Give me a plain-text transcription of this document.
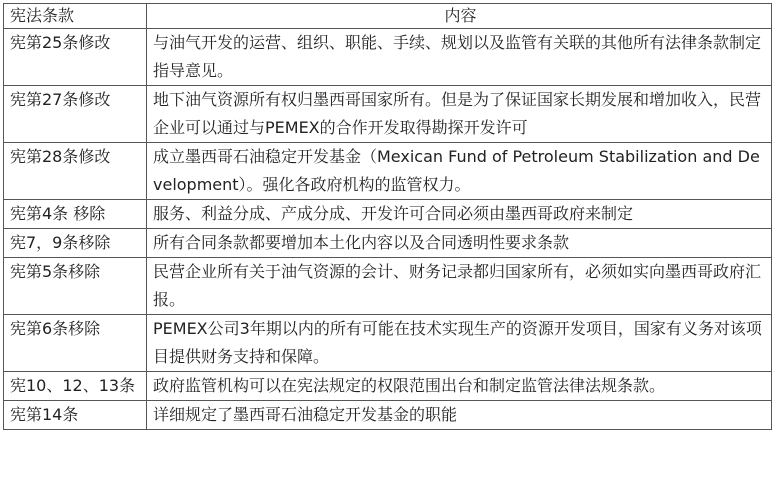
宪法条款	内容
宪第25条修改	与油气开发的运营、组织、职能、手续、规划以及监管有关联的其他所有法律条款制定指导意见。
宪第27条修改	地下油气资源所有权归墨西哥国家所有。但是为了保证国家长期发展和增加收入，民营企业可以通过与PEMEX的合作开发取得勘探开发许可
宪第28条修改	成立墨西哥石油稳定开发基金（Mexican Fund of Petroleum Stabilization and Development）。强化各政府机构的监管权力。
宪第4条 移除	服务、利益分成、产成分成、开发许可合同必须由墨西哥政府来制定
宪7，9条移除	所有合同条款都要增加本土化内容以及合同透明性要求条款
宪第5条移除	民营企业所有关于油气资源的会计、财务记录都归国家所有，必须如实向墨西哥政府汇报。
宪第6条移除	PEMEX公司3年期以内的所有可能在技术实现生产的资源开发项目，国家有义务对该项目提供财务支持和保障。
宪10、12、13条	政府监管机构可以在宪法规定的权限范围出台和制定监管法律法规条款。
宪第14条	详细规定了墨西哥石油稳定开发基金的职能
